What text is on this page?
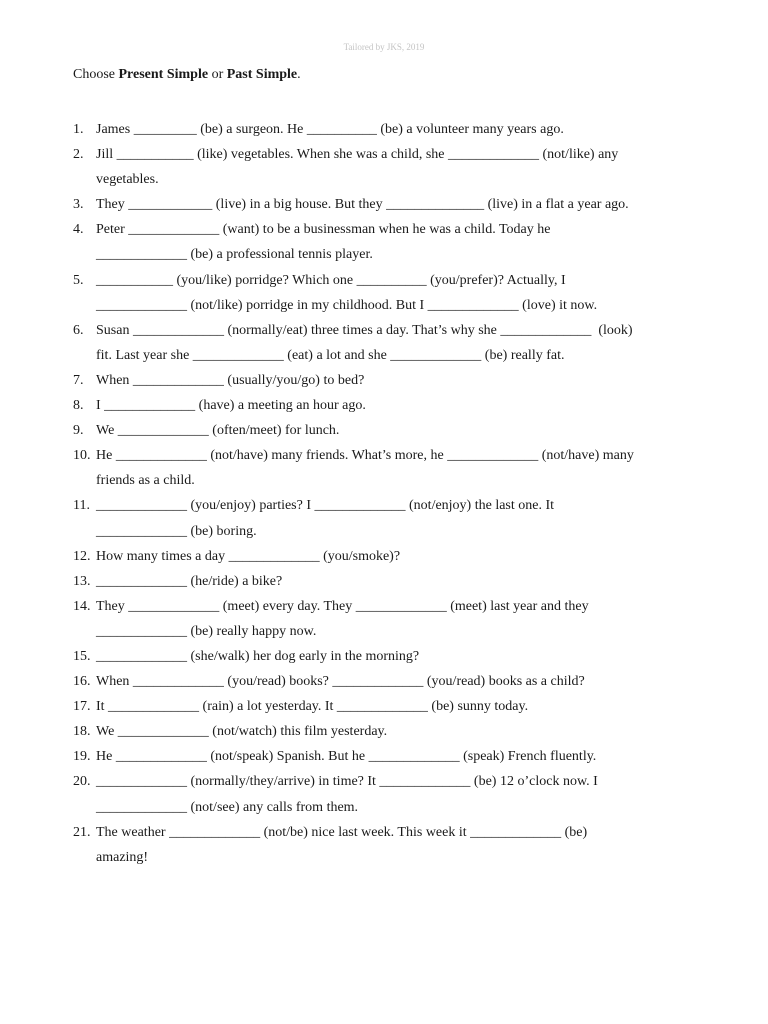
Tailored by JKS, 2019
Choose Present Simple or Past Simple.
1. James _________ (be) a surgeon. He __________ (be) a volunteer many years ago.
2. Jill ___________ (like) vegetables. When she was a child, she _____________ (not/like) any
vegetables.
3. They ____________ (live) in a big house. But they ______________ (live) in a flat a year ago.
4. Peter _____________ (want) to be a businessman when he was a child. Today he
_____________ (be) a professional tennis player.
5. ___________ (you/like) porridge? Which one __________ (you/prefer)? Actually, I
_____________ (not/like) porridge in my childhood. But I _____________ (love) it now.
6. Susan _____________ (normally/eat) three times a day. That’s why she _____________  (look)
fit. Last year she _____________ (eat) a lot and she _____________ (be) really fat.
7. When _____________ (usually/you/go) to bed?
8. I _____________ (have) a meeting an hour ago.
9. We _____________ (often/meet) for lunch.
10. He _____________ (not/have) many friends. What’s more, he _____________ (not/have) many
friends as a child.
11. _____________ (you/enjoy) parties? I _____________ (not/enjoy) the last one. It
_____________ (be) boring.
12. How many times a day _____________ (you/smoke)?
13. _____________ (he/ride) a bike?
14. They _____________ (meet) every day. They _____________ (meet) last year and they
_____________ (be) really happy now.
15. _____________ (she/walk) her dog early in the morning?
16. When _____________ (you/read) books? _____________ (you/read) books as a child?
17. It _____________ (rain) a lot yesterday. It _____________ (be) sunny today.
18. We _____________ (not/watch) this film yesterday.
19. He _____________ (not/speak) Spanish. But he _____________ (speak) French fluently.
20. _____________ (normally/they/arrive) in time? It _____________ (be) 12 o’clock now. I
_____________ (not/see) any calls from them.
21. The weather _____________ (not/be) nice last week. This week it _____________ (be)
amazing!
